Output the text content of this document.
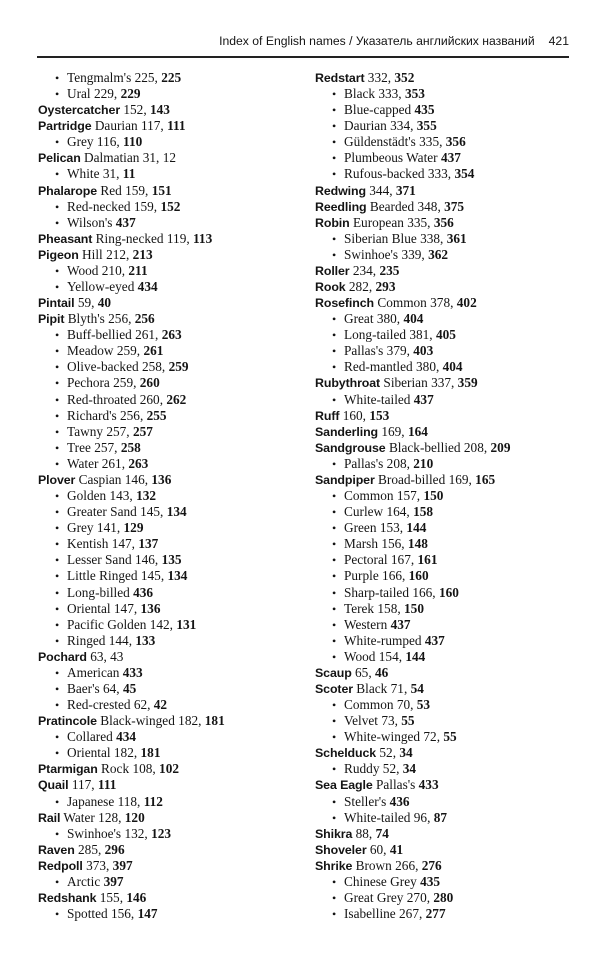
Index of English names / Указатель английских названий 421
• Tengmalm's 225, 225
• Ural 229, 229
Oystercatcher 152, 143
Partridge Daurian 117, 111
• Grey 116, 110
Pelican Dalmatian 31, 12
• White 31, 11
Phalarope Red 159, 151
• Red-necked 159, 152
• Wilson's 437
Pheasant Ring-necked 119, 113
Pigeon Hill 212, 213
• Wood 210, 211
• Yellow-eyed 434
Pintail 59, 40
Pipit Blyth's 256, 256
• Buff-bellied 261, 263
• Meadow 259, 261
• Olive-backed 258, 259
• Pechora 259, 260
• Red-throated 260, 262
• Richard's 256, 255
• Tawny 257, 257
• Tree 257, 258
• Water 261, 263
Plover Caspian 146, 136
• Golden 143, 132
• Greater Sand 145, 134
• Grey 141, 129
• Kentish 147, 137
• Lesser Sand 146, 135
• Little Ringed 145, 134
• Long-billed 436
• Oriental 147, 136
• Pacific Golden 142, 131
• Ringed 144, 133
Pochard 63, 43
• American 433
• Baer's 64, 45
• Red-crested 62, 42
Pratincole Black-winged 182, 181
• Collared 434
• Oriental 182, 181
Ptarmigan Rock 108, 102
Quail 117, 111
• Japanese 118, 112
Rail Water 128, 120
• Swinhoe's 132, 123
Raven 285, 296
Redpoll 373, 397
• Arctic 397
Redshank 155, 146
• Spotted 156, 147
Redstart 332, 352
• Black 333, 353
• Blue-capped 435
• Daurian 334, 355
• Güldenstädt's 335, 356
• Plumbeous Water 437
• Rufous-backed 333, 354
Redwing 344, 371
Reedling Bearded 348, 375
Robin European 335, 356
• Siberian Blue 338, 361
• Swinhoe's 339, 362
Roller 234, 235
Rook 282, 293
Rosefinch Common 378, 402
• Great 380, 404
• Long-tailed 381, 405
• Pallas's 379, 403
• Red-mantled 380, 404
Rubythroat Siberian 337, 359
• White-tailed 437
Ruff 160, 153
Sanderling 169, 164
Sandgrouse Black-bellied 208, 209
• Pallas's 208, 210
Sandpiper Broad-billed 169, 165
• Common 157, 150
• Curlew 164, 158
• Green 153, 144
• Marsh 156, 148
• Pectoral 167, 161
• Purple 166, 160
• Sharp-tailed 166, 160
• Terek 158, 150
• Western 437
• White-rumped 437
• Wood 154, 144
Scaup 65, 46
Scoter Black 71, 54
• Common 70, 53
• Velvet 73, 55
• White-winged 72, 55
Schelduck 52, 34
• Ruddy 52, 34
Sea Eagle Pallas's 433
• Steller's 436
• White-tailed 96, 87
Shikra 88, 74
Shoveler 60, 41
Shrike Brown 266, 276
• Chinese Grey 435
• Great Grey 270, 280
• Isabelline 267, 277
